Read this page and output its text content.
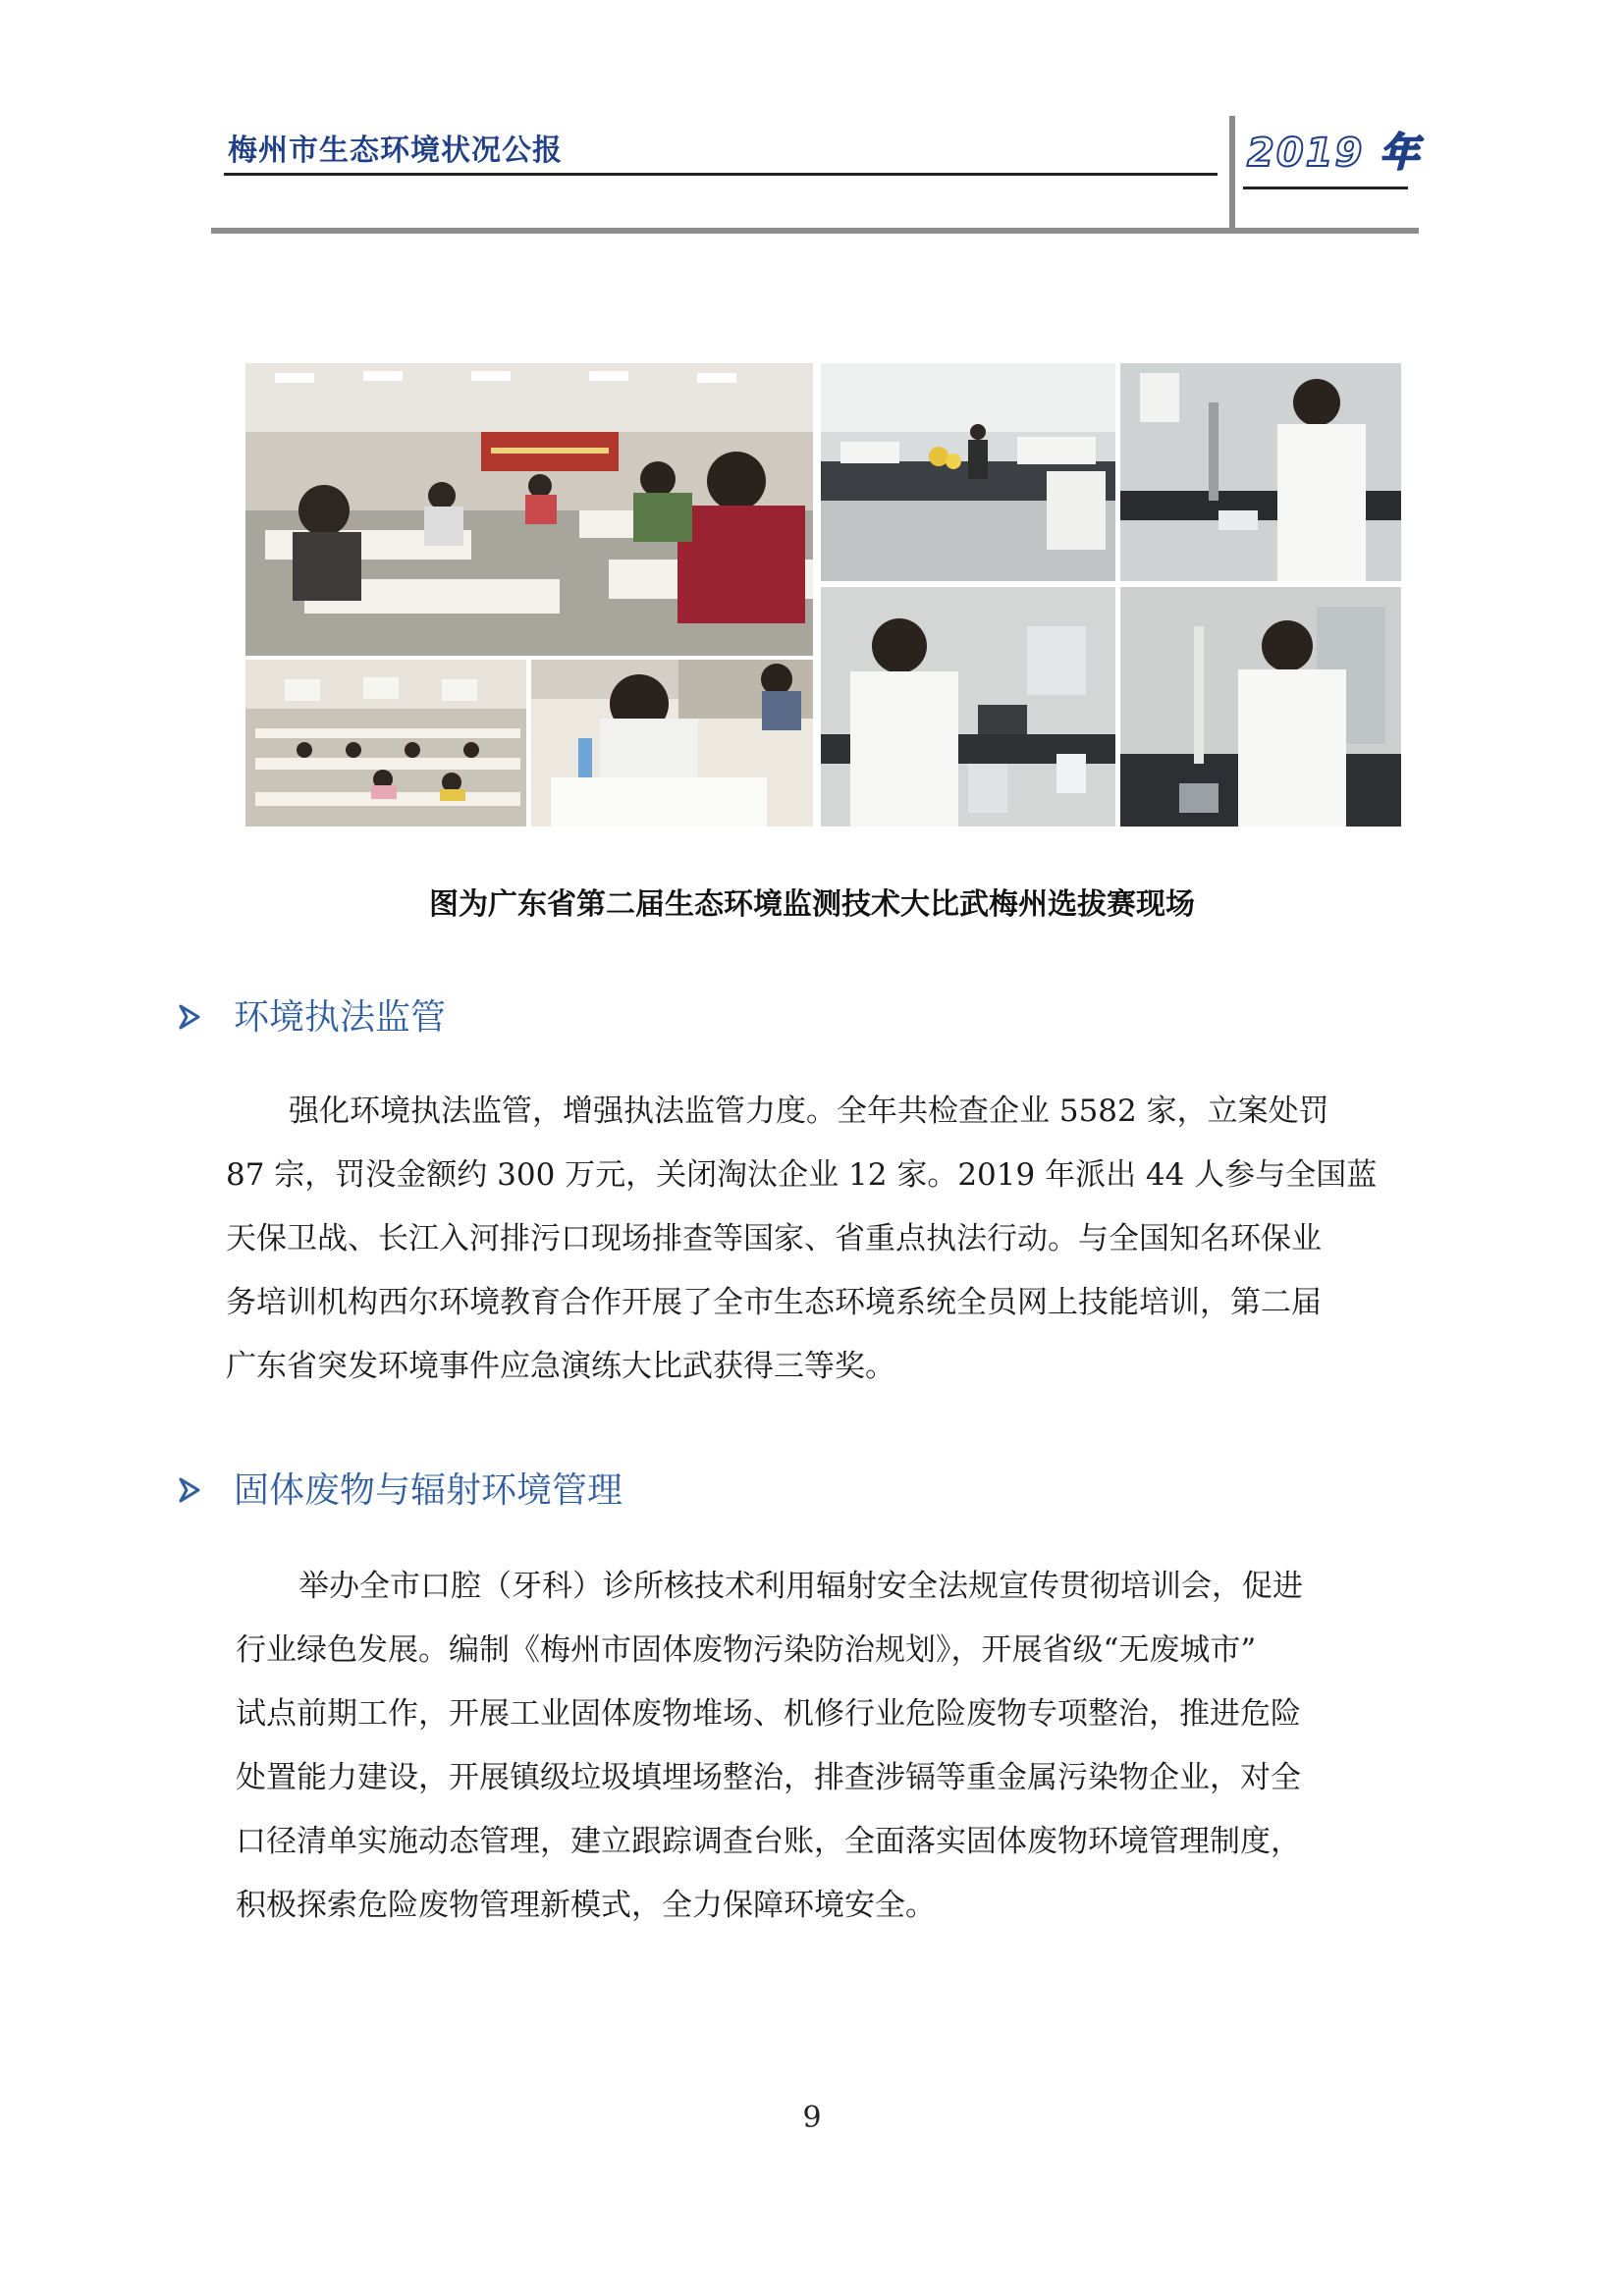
梅州市生态环境状况公报	2019 年
图为广东省第二届生态环境监测技术大比武梅州选拔赛现场
环境执法监管
强化环境执法监管，增强执法监管力度。全年共检查企业 5582 家，立案处罚
87 宗，罚没金额约 300 万元，关闭淘汰企业 12 家。2019 年派出 44 人参与全国蓝
天保卫战、长江入河排污口现场排查等国家、省重点执法行动。与全国知名环保业
务培训机构西尔环境教育合作开展了全市生态环境系统全员网上技能培训，第二届
广东省突发环境事件应急演练大比武获得三等奖。
固体废物与辐射环境管理
举办全市口腔（牙科）诊所核技术利用辐射安全法规宣传贯彻培训会，促进
行业绿色发展。编制《梅州市固体废物污染防治规划》，开展省级“无废城市”
试点前期工作，开展工业固体废物堆场、机修行业危险废物专项整治，推进危险
处置能力建设，开展镇级垃圾填埋场整治，排查涉镉等重金属污染物企业，对全
口径清单实施动态管理，建立跟踪调查台账，全面落实固体废物环境管理制度，
积极探索危险废物管理新模式，全力保障环境安全。
9
